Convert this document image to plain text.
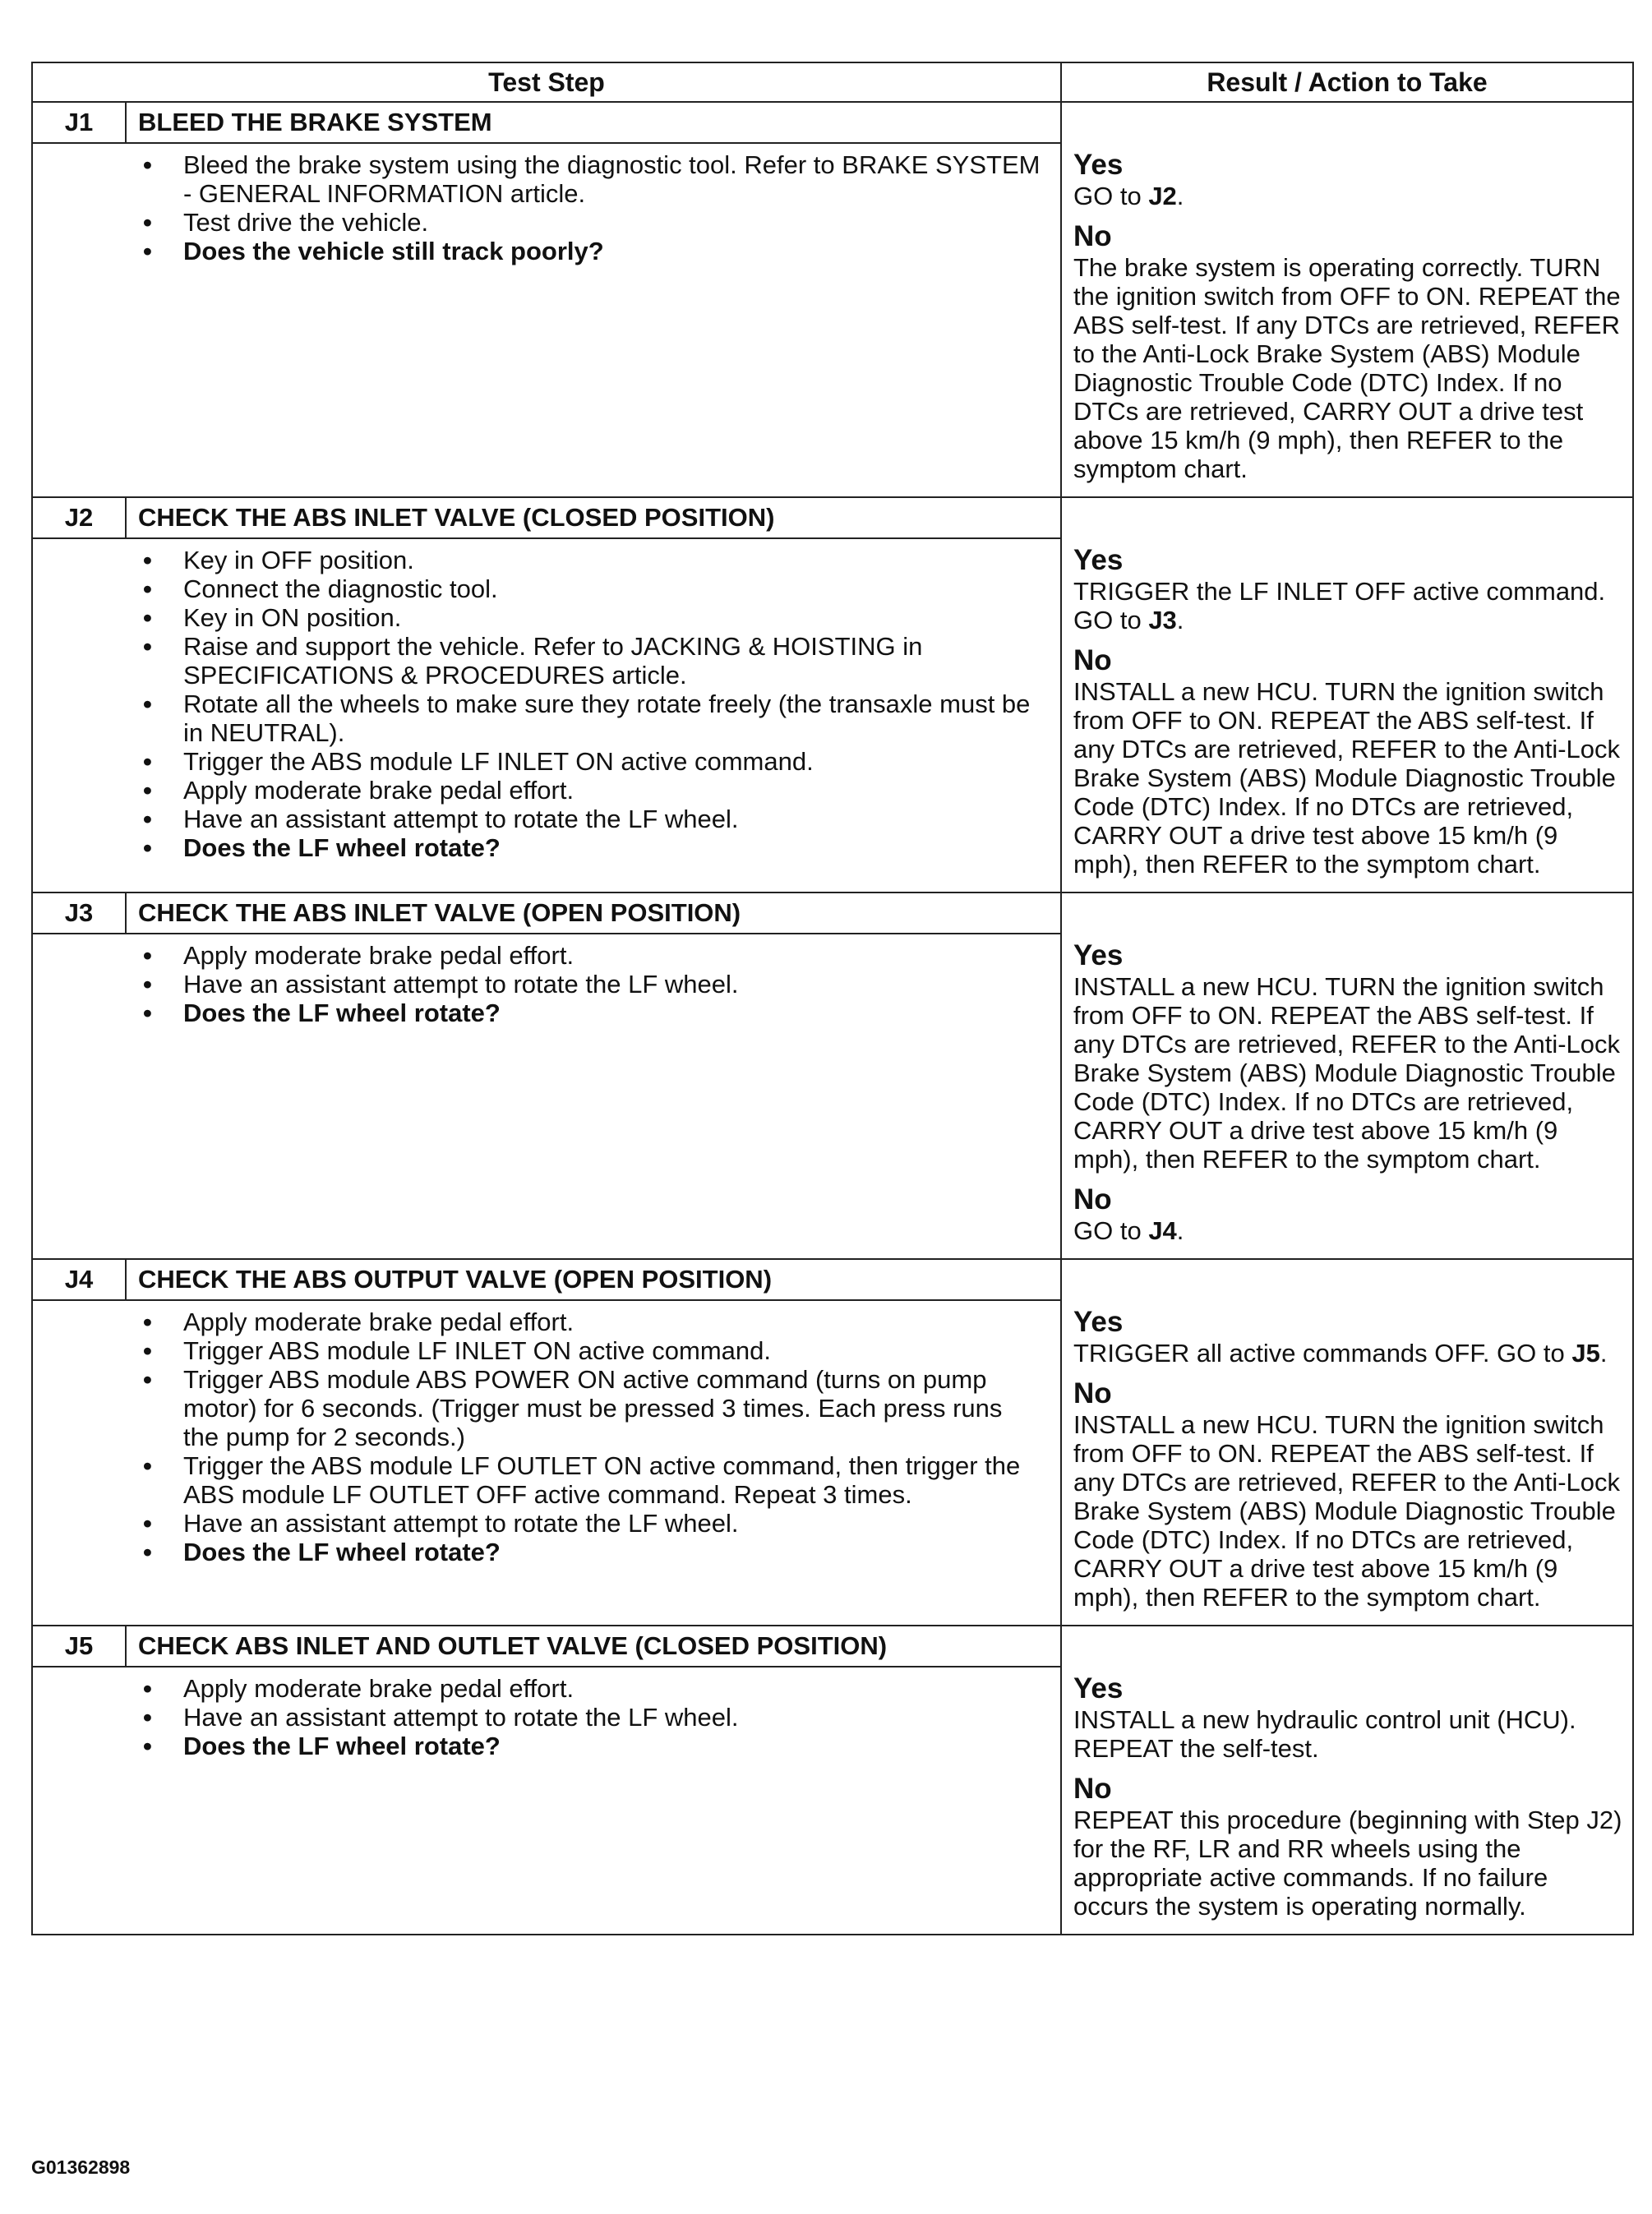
Test Step	Result / Action to Take
J1	BLEED THE BRAKE SYSTEM
• Bleed the brake system using the diagnostic tool. Refer to BRAKE SYSTEM - GENERAL INFORMATION article.
• Test drive the vehicle.
• Does the vehicle still track poorly?
Yes
GO to J2.
No
The brake system is operating correctly. TURN the ignition switch from OFF to ON. REPEAT the ABS self-test. If any DTCs are retrieved, REFER to the Anti-Lock Brake System (ABS) Module Diagnostic Trouble Code (DTC) Index. If no DTCs are retrieved, CARRY OUT a drive test above 15 km/h (9 mph), then REFER to the symptom chart.
J2	CHECK THE ABS INLET VALVE (CLOSED POSITION)
• Key in OFF position.
• Connect the diagnostic tool.
• Key in ON position.
• Raise and support the vehicle. Refer to JACKING & HOISTING in SPECIFICATIONS & PROCEDURES article.
• Rotate all the wheels to make sure they rotate freely (the transaxle must be in NEUTRAL).
• Trigger the ABS module LF INLET ON active command.
• Apply moderate brake pedal effort.
• Have an assistant attempt to rotate the LF wheel.
• Does the LF wheel rotate?
Yes
TRIGGER the LF INLET OFF active command. GO to J3.
No
INSTALL a new HCU. TURN the ignition switch from OFF to ON. REPEAT the ABS self-test. If any DTCs are retrieved, REFER to the Anti-Lock Brake System (ABS) Module Diagnostic Trouble Code (DTC) Index. If no DTCs are retrieved, CARRY OUT a drive test above 15 km/h (9 mph), then REFER to the symptom chart.
J3	CHECK THE ABS INLET VALVE (OPEN POSITION)
• Apply moderate brake pedal effort.
• Have an assistant attempt to rotate the LF wheel.
• Does the LF wheel rotate?
Yes
INSTALL a new HCU. TURN the ignition switch from OFF to ON. REPEAT the ABS self-test. If any DTCs are retrieved, REFER to the Anti-Lock Brake System (ABS) Module Diagnostic Trouble Code (DTC) Index. If no DTCs are retrieved, CARRY OUT a drive test above 15 km/h (9 mph), then REFER to the symptom chart.
No
GO to J4.
J4	CHECK THE ABS OUTPUT VALVE (OPEN POSITION)
• Apply moderate brake pedal effort.
• Trigger ABS module LF INLET ON active command.
• Trigger ABS module ABS POWER ON active command (turns on pump motor) for 6 seconds. (Trigger must be pressed 3 times. Each press runs the pump for 2 seconds.)
• Trigger the ABS module LF OUTLET ON active command, then trigger the ABS module LF OUTLET OFF active command. Repeat 3 times.
• Have an assistant attempt to rotate the LF wheel.
• Does the LF wheel rotate?
Yes
TRIGGER all active commands OFF. GO to J5.
No
INSTALL a new HCU. TURN the ignition switch from OFF to ON. REPEAT the ABS self-test. If any DTCs are retrieved, REFER to the Anti-Lock Brake System (ABS) Module Diagnostic Trouble Code (DTC) Index. If no DTCs are retrieved, CARRY OUT a drive test above 15 km/h (9 mph), then REFER to the symptom chart.
J5	CHECK ABS INLET AND OUTLET VALVE (CLOSED POSITION)
• Apply moderate brake pedal effort.
• Have an assistant attempt to rotate the LF wheel.
• Does the LF wheel rotate?
Yes
INSTALL a new hydraulic control unit (HCU). REPEAT the self-test.
No
REPEAT this procedure (beginning with Step J2) for the RF, LR and RR wheels using the appropriate active commands. If no failure occurs the system is operating normally.
G01362898
